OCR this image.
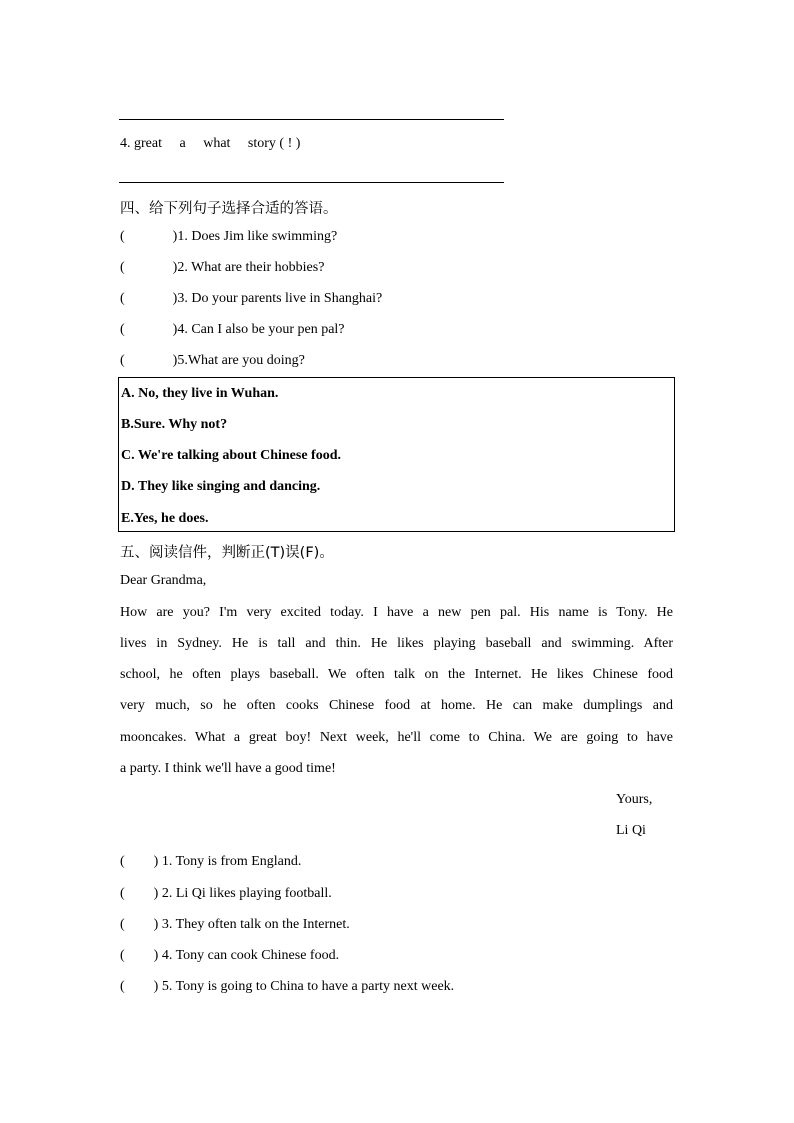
4. great a what story ( ! )
四、给下列句子选择合适的答语。
(	)1. Does Jim like swimming?
(	)2. What are their hobbies?
(	)3. Do your parents live in Shanghai?
(	)4. Can I also be your pen pal?
(	)5.What are you doing?
A. No, they live in Wuhan.
B.Sure. Why not?
C. We're talking about Chinese food.
D. They like singing and dancing.
E.Yes, he does.
五、阅读信件，判断正(T)误(F)。
Dear Grandma,
How are you? I'm very excited today. I have a new pen pal. His name is Tony. He
lives in Sydney. He is tall and thin. He likes playing baseball and swimming. After
school, he often plays baseball. We often talk on the Internet. He likes Chinese food
very much, so he often cooks Chinese food at home. He can make dumplings and
mooncakes. What a great boy! Next week, he'll come to China. We are going to have
a party. I think we'll have a good time!
Yours,
Li Qi
( ) 1. Tony is from England.
( ) 2. Li Qi likes playing football.
( ) 3. They often talk on the Internet.
( ) 4. Tony can cook Chinese food.
( ) 5. Tony is going to China to have a party next week.
